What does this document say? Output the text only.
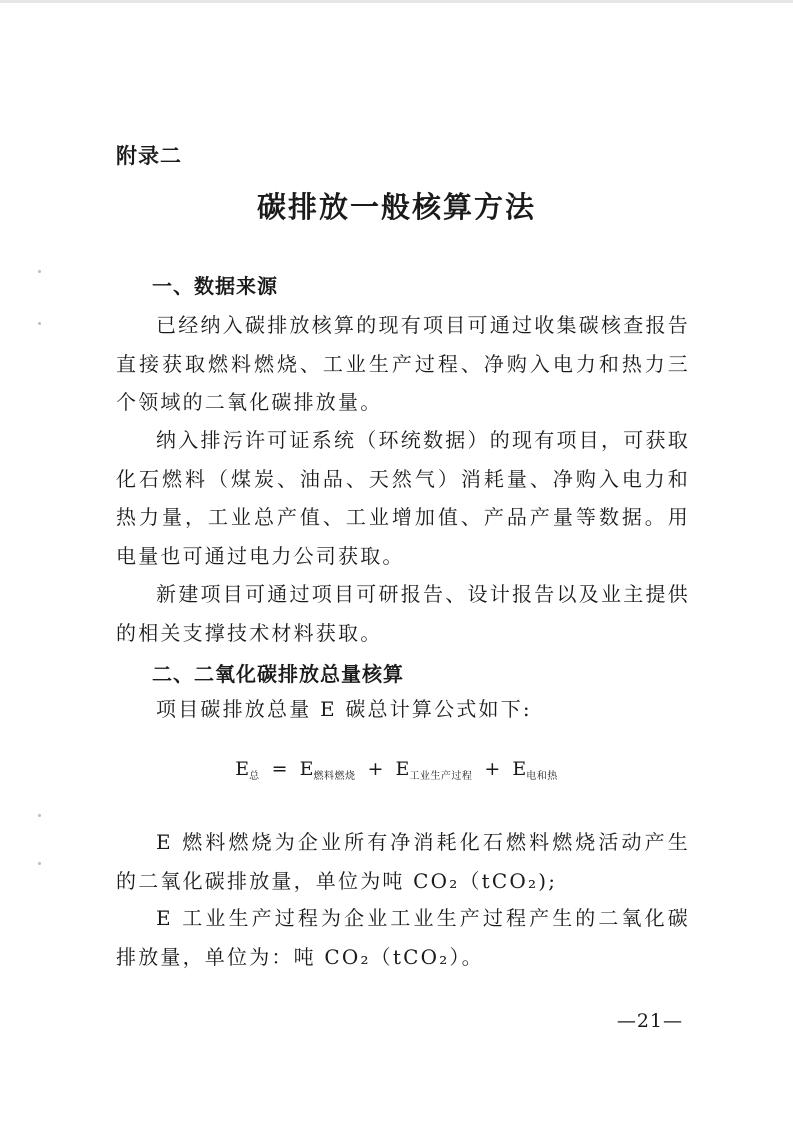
附录二
碳排放一般核算方法
一、数据来源

已经纳入碳排放核算的现有项目可通过收集碳核查报告直接获取燃料燃烧、工业生产过程、净购入电力和热力三个领域的二氧化碳排放量。

纳入排污许可证系统（环统数据）的现有项目，可获取化石燃料（煤炭、油品、天然气）消耗量、净购入电力和热力量，工业总产值、工业增加值、产品产量等数据。用电量也可通过电力公司获取。

新建项目可通过项目可研报告、设计报告以及业主提供的相关支撑技术材料获取。

二、二氧化碳排放总量核算

项目碳排放总量 E 碳总计算公式如下:

$E_总 = E_{燃料燃烧} + E_{工业生产过程} + E_{电和热}$

E 燃料燃烧为企业所有净消耗化石燃料燃烧活动产生的二氧化碳排放量，单位为吨 CO₂（tCO₂);

E 工业生产过程为企业工业生产过程产生的二氧化碳排放量，单位为：吨 CO₂（tCO₂）。

—21—
